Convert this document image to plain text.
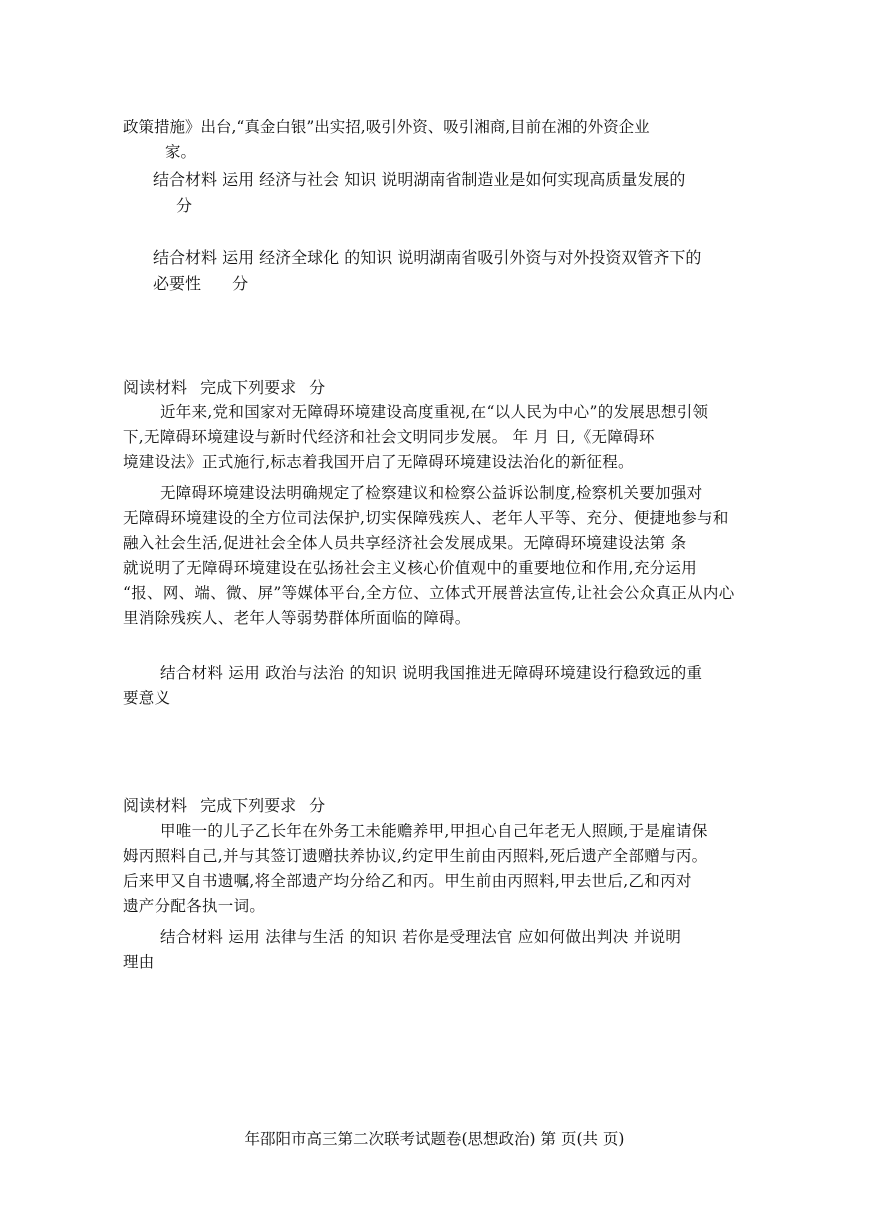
政策措施》出台,“真金白银”出实招,吸引外资、吸引湘商,目前在湘的外资企业
家。
结合材料 运用 经济与社会 知识 说明湖南省制造业是如何实现高质量发展的
分
结合材料 运用 经济全球化 的知识 说明湖南省吸引外资与对外投资双管齐下的
必要性 分
阅读材料 完成下列要求 分
近年来,党和国家对无障碍环境建设高度重视,在“以人民为中心”的发展思想引领
下,无障碍环境建设与新时代经济和社会文明同步发展。 年 月 日,《无障碍环
境建设法》正式施行,标志着我国开启了无障碍环境建设法治化的新征程。
无障碍环境建设法明确规定了检察建议和检察公益诉讼制度,检察机关要加强对
无障碍环境建设的全方位司法保护,切实保障残疾人、老年人平等、充分、便捷地参与和
融入社会生活,促进社会全体人员共享经济社会发展成果。无障碍环境建设法第 条
就说明了无障碍环境建设在弘扬社会主义核心价值观中的重要地位和作用,充分运用
“报、网、端、微、屏”等媒体平台,全方位、立体式开展普法宣传,让社会公众真正从内心
里消除残疾人、老年人等弱势群体所面临的障碍。
结合材料 运用 政治与法治 的知识 说明我国推进无障碍环境建设行稳致远的重
要意义
阅读材料 完成下列要求 分
甲唯一的儿子乙长年在外务工未能赡养甲,甲担心自己年老无人照顾,于是雇请保
姆丙照料自己,并与其签订遗赠扶养协议,约定甲生前由丙照料,死后遗产全部赠与丙。
后来甲又自书遗嘱,将全部遗产均分给乙和丙。甲生前由丙照料,甲去世后,乙和丙对
遗产分配各执一词。
结合材料 运用 法律与生活 的知识 若你是受理法官 应如何做出判决 并说明
理由
年邵阳市高三第二次联考试题卷(思想政治) 第 页(共 页)
